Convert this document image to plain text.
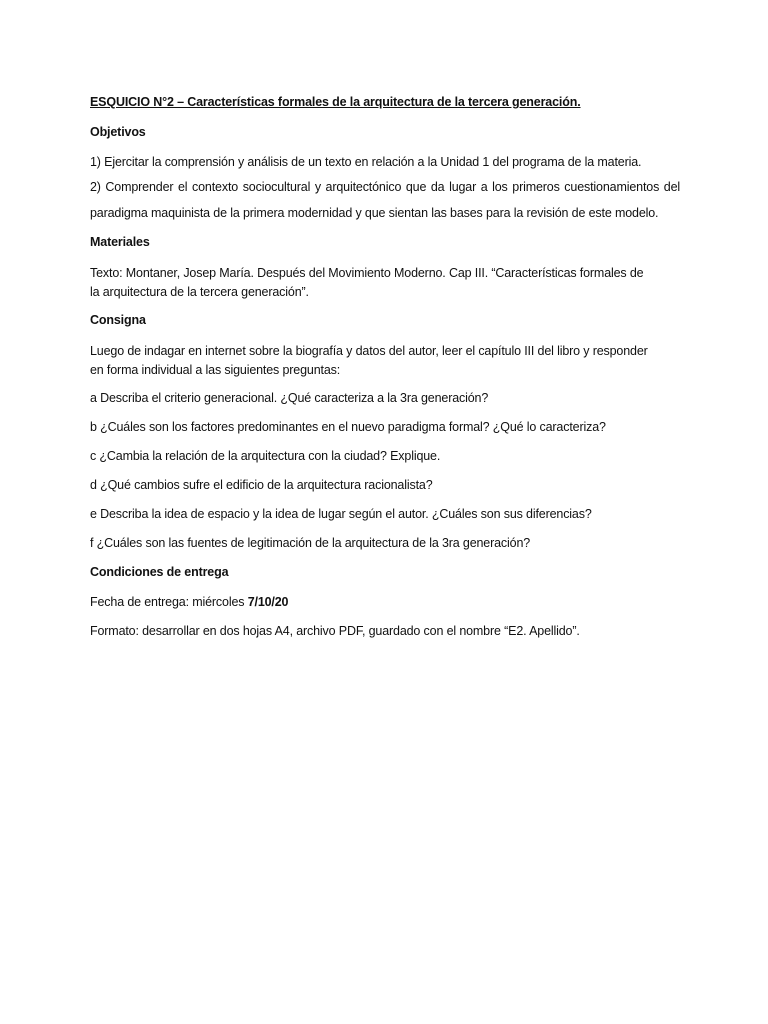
ESQUICIO N°2 – Características formales de la arquitectura de la tercera generación.

Objetivos

1) Ejercitar la comprensión y análisis de un texto en relación a la Unidad 1 del programa de la materia.

2) Comprender el contexto sociocultural y arquitectónico que da lugar a los primeros cuestionamientos del paradigma maquinista de la primera modernidad y que sientan las bases para la revisión de este modelo.

Materiales

Texto: Montaner, Josep María. Después del Movimiento Moderno. Cap III. “Características formales de
la arquitectura de la tercera generación”.

Consigna

Luego de indagar en internet sobre la biografía y datos del autor, leer el capítulo III del libro y responder
en forma individual a las siguientes preguntas:

a Describa el criterio generacional. ¿Qué caracteriza a la 3ra generación?

b ¿Cuáles son los factores predominantes en el nuevo paradigma formal? ¿Qué lo caracteriza?

c ¿Cambia la relación de la arquitectura con la ciudad? Explique.

d ¿Qué cambios sufre el edificio de la arquitectura racionalista?

e Describa la idea de espacio y la idea de lugar según el autor. ¿Cuáles son sus diferencias?

f ¿Cuáles son las fuentes de legitimación de la arquitectura de la 3ra generación?

Condiciones de entrega

Fecha de entrega: miércoles 7/10/20

Formato: desarrollar en dos hojas A4, archivo PDF, guardado con el nombre “E2. Apellido”.
